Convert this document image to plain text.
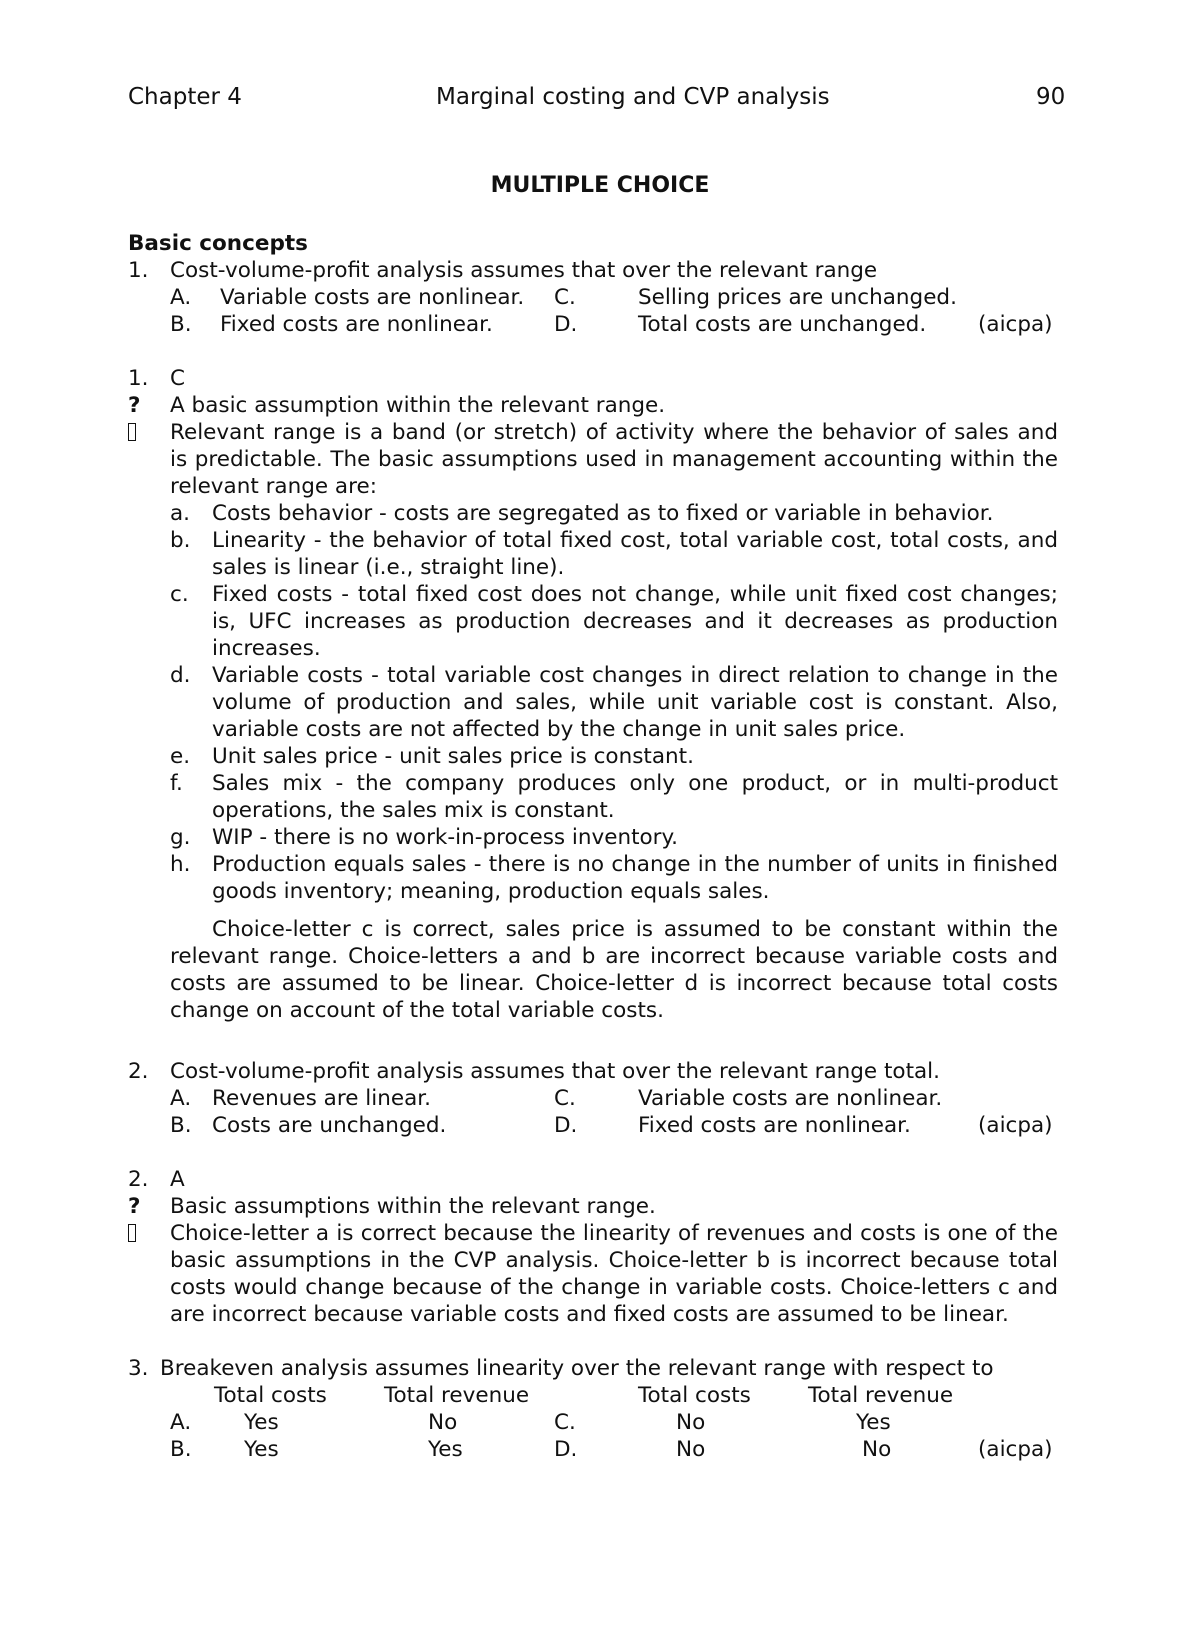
Chapter 4	Marginal costing and CVP analysis	90
MULTIPLE CHOICE
Basic concepts
1. Cost-volume-profit analysis assumes that over the relevant range
A. Variable costs are nonlinear. C.	Selling prices are unchanged.
B. Fixed costs are nonlinear.	D.	Total costs are unchanged. (aicpa)
1. C
? A basic assumption within the relevant range.
2. Cost-volume-profit analysis assumes that over the relevant range total.
A. Revenues are linear.	C.	Variable costs are nonlinear.
B. Costs are unchanged.	D.	Fixed costs are nonlinear.	(aicpa)
2. A
? Basic assumptions within the relevant range.
3. Breakeven analysis assumes linearity over the relevant range with respect to
Total costs	Total revenue	Total costs	Total revenue
A. Yes	No	C.	No	Yes
B. Yes	Yes	D.	No	No	(aicpa)
Relevant range is a band (or stretch) of activity where the behavior of sales and
is predictable. The basic assumptions used in management accounting within the
relevant range are:
a. Costs behavior - costs are segregated as to fixed or variable in behavior.
b. Linearity - the behavior of total fixed cost, total variable cost, total costs, and
sales is linear (i.e., straight line).
c. Fixed costs - total fixed cost does not change, while unit fixed cost changes;
is, UFC increases as production decreases and it decreases as production
increases.
d. Variable costs - total variable cost changes in direct relation to change in the
volume of production and sales, while unit variable cost is constant. Also,
variable costs are not affected by the change in unit sales price.
e. Unit sales price - unit sales price is constant.
f. Sales mix - the company produces only one product, or in multi-product
operations, the sales mix is constant.
g. WIP - there is no work-in-process inventory.
h. Production equals sales - there is no change in the number of units in finished
goods inventory; meaning, production equals sales.
Choice-letter c is correct, sales price is assumed to be constant within the
relevant range. Choice-letters a and b are incorrect because variable costs and
costs are assumed to be linear. Choice-letter d is incorrect because total costs
change on account of the total variable costs.
Choice-letter a is correct because the linearity of revenues and costs is one of the
basic assumptions in the CVP analysis. Choice-letter b is incorrect because total
costs would change because of the change in variable costs. Choice-letters c and
are incorrect because variable costs and fixed costs are assumed to be linear.
